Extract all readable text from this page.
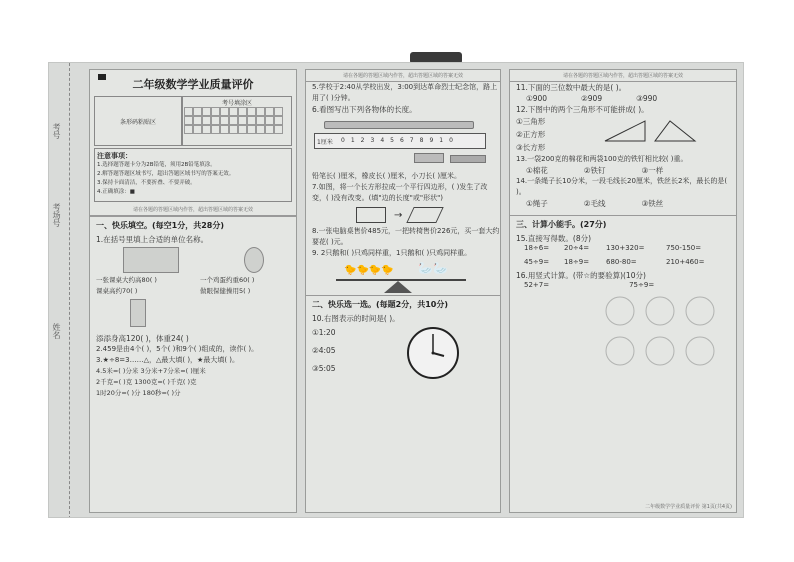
考号
考场号
姓名
二年级数学学业质量评价
条形码粘贴区
考号填涂区

注意事项：
1.选择题答题卡分为2B铅笔，须用2B铅笔填涂。
2.解答题答题区域书写，超出答题区域书写的答案无效。
3.保持卡面清洁，不要折叠、不要弄破。
4.正确填涂：■
请在各题的答题区域内作答，超出答题区域的答案无效
一、快乐填空。(每空1分，共28分)
1.在括号里填上合适的单位名称。
一张课桌大约高80( )	一个鸡蛋约重60( )
课桌高约70( )	做眼保健操用5( )
添添身高120( )，体重24( )
2.459是由4个( )，5个( )和9个( )组成的，读作( )。
3.★÷8=3……△，△最大填( )，★最大填( )。
4.5米=( )分米 3分米+7分米=( )厘米
2千克=( )克 1300克=( )千克( )克
1时20分=( )分 180秒=( )分
请在各题的答题区域内作答，超出答题区域的答案无效
5.学校于2:40从学校出发，3:00到达革命烈士纪念馆，路上用了( )分钟。
6.看图写出下列各物体的长度。
1厘米 012345678910
铅笔长( )厘米，橡皮长( )厘米，小刀长( )厘米。
7.如图，将一个长方形拉成一个平行四边形，( )发生了改变，( )没有改变。(填"边的长度"或"形状")
→
8.一张电脑桌售价485元，一把转椅售价226元，买一套大约要花( )元。
9. 2只鹅和( )只鸡同样重，1只鹅和( )只鸡同样重。
🐤🐤🐤🐤 🦢🦢
二、快乐选一选。(每题2分，共10分)
10.右图表示的时间是( )。
①1:20
②4:05
③5:05
请在各题的答题区域内作答，超出答题区域的答案无效
11.下面的三位数中最大的是( )。
①900	②909	③990
12.下图中的两个三角形不可能拼成( )。
①三角形
②正方形
③长方形
13.一袋200克的棉花和两袋100克的铁钉相比较( )重。
①棉花	②铁钉	③一样
14.一条绳子长10分米，一段毛线长20厘米，铁丝长2米，最长的是( )。
①绳子	②毛线	③铁丝
三、计算小能手。(27分)
15.直接写得数。(8分)
18÷6=	20÷4=	130+320=	750-150=
45÷9=	18÷9=	680-80=	210+460=
16.用竖式计算。(带☆的要验算)(10分)
52+7=	75÷9=
二年级数学学业质量评价 第1页(共4页)
